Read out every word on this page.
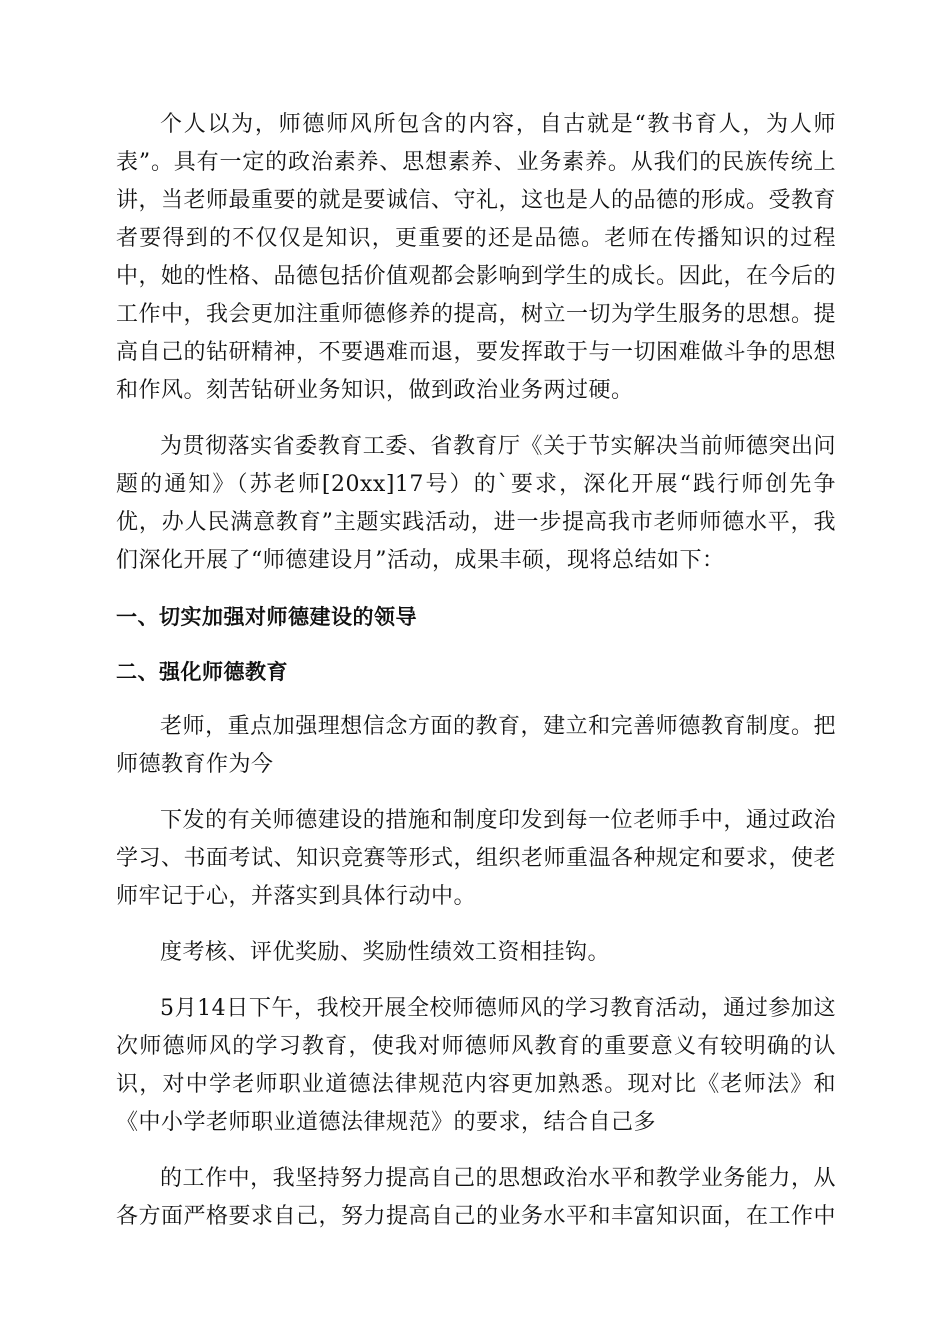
个人以为，师德师风所包含的内容，自古就是“教书育人，为人师表”。具有一定的政治素养、思想素养、业务素养。从我们的民族传统上讲，当老师最重要的就是要诚信、守礼，这也是人的品德的形成。受教育者要得到的不仅仅是知识，更重要的还是品德。老师在传播知识的过程中，她的性格、品德包括价值观都会影响到学生的成长。因此，在今后的工作中，我会更加注重师德修养的提高，树立一切为学生服务的思想。提高自己的钻研精神，不要遇难而退，要发挥敢于与一切困难做斗争的思想和作风。刻苦钻研业务知识，做到政治业务两过硬。

为贯彻落实省委教育工委、省教育厅《关于节实解决当前师德突出问题的通知》（苏老师[20xx]17号）的`要求，深化开展“践行师创先争优，办人民满意教育”主题实践活动，进一步提高我市老师师德水平，我们深化开展了“师德建设月”活动，成果丰硕，现将总结如下：

一、切实加强对师德建设的领导

二、强化师德教育

老师，重点加强理想信念方面的教育，建立和完善师德教育制度。把师德教育作为今

下发的有关师德建设的措施和制度印发到每一位老师手中，通过政治学习、书面考试、知识竞赛等形式，组织老师重温各种规定和要求，使老师牢记于心，并落实到具体行动中。

度考核、评优奖励、奖励性绩效工资相挂钩。

5月14日下午，我校开展全校师德师风的学习教育活动，通过参加这次师德师风的学习教育，使我对师德师风教育的重要意义有较明确的认识，对中学老师职业道德法律规范内容更加熟悉。现对比《老师法》和《中小学老师职业道德法律规范》的要求，结合自己多

的工作中，我坚持努力提高自己的思想政治水平和教学业务能力，从各方面严格要求自己，努力提高自己的业务水平和丰富知识面，在工作中
